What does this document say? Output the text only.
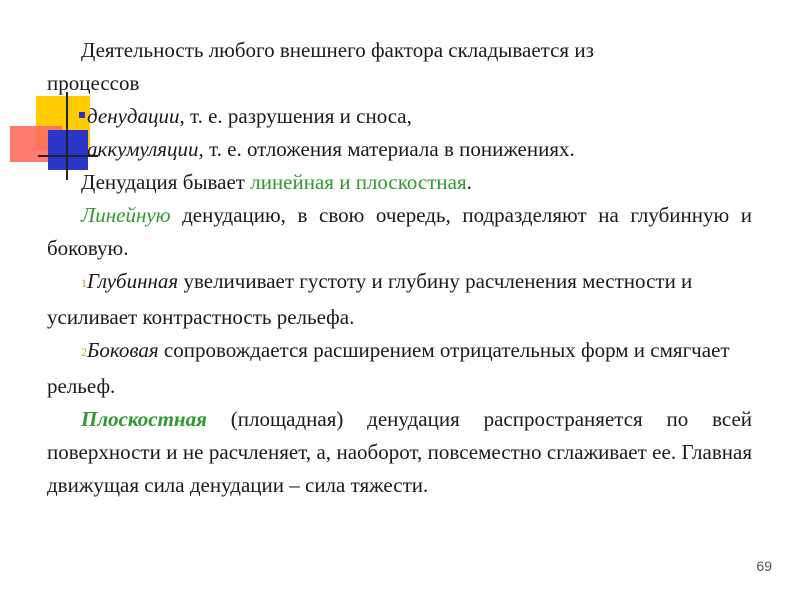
Деятельность любого внешнего фактора складывается из
процессов

денудации, т. е. разрушения и сноса,

аккумуляции, т. е. отложения материала в понижениях.

Денудация бывает линейная и плоскостная.

Линейную денудацию, в свою очередь, подразделяют на глубинную и боковую.

1Глубинная увеличивает густоту и глубину расчленения местности и усиливает контрастность рельефа.

2Боковая сопровождается расширением отрицательных форм и смягчает рельеф.

Плоскостная (площадная) денудация распространяется по всей поверхности и не расчленяет, а, наоборот, повсеместно сглаживает ее. Главная движущая сила денудации – сила тяжести.

69
